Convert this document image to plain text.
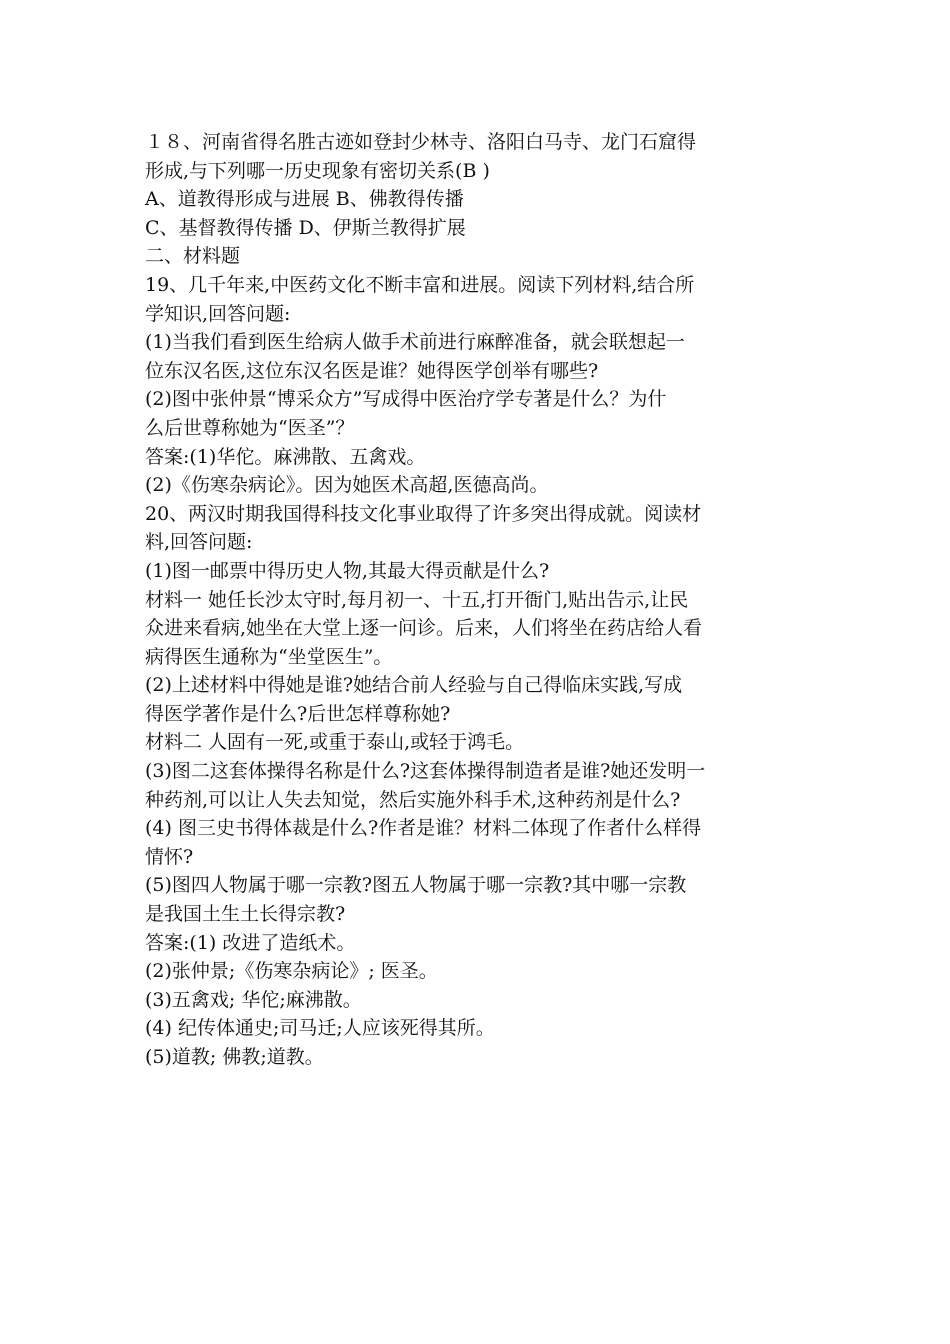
１８、河南省得名胜古迹如登封少林寺、洛阳白马寺、龙门石窟得
形成,与下列哪一历史现象有密切关系(B )
A、道教得形成与进展 B、佛教得传播
C、基督教得传播 D、伊斯兰教得扩展
二、材料题
19、几千年来,中医药文化不断丰富和进展。阅读下列材料,结合所
学知识,回答问题:
(1)当我们看到医生给病人做手术前进行麻醉准备，就会联想起一
位东汉名医,这位东汉名医是谁？她得医学创举有哪些?
(2)图中张仲景“博采众方”写成得中医治疗学专著是什么？为什
么后世尊称她为“医圣”？
答案:(1)华佗。麻沸散、五禽戏。
(2)《伤寒杂病论》。因为她医术高超,医德高尚。
20、两汉时期我国得科技文化事业取得了许多突出得成就。阅读材
料,回答问题:
(1)图一邮票中得历史人物,其最大得贡献是什么?
材料一 她任长沙太守时,每月初一、十五,打开衙门,贴出告示,让民
众进来看病,她坐在大堂上逐一问诊。后来，人们将坐在药店给人看
病得医生通称为“坐堂医生”。
(2)上述材料中得她是谁?她结合前人经验与自己得临床实践,写成
得医学著作是什么?后世怎样尊称她?
材料二 人固有一死,或重于泰山,或轻于鸿毛。
(3)图二这套体操得名称是什么?这套体操得制造者是谁?她还发明一
种药剂,可以让人失去知觉，然后实施外科手术,这种药剂是什么?
(4) 图三史书得体裁是什么?作者是谁？材料二体现了作者什么样得
情怀?
(5)图四人物属于哪一宗教?图五人物属于哪一宗教?其中哪一宗教
是我国土生土长得宗教?
答案:(1) 改进了造纸术。
(2)张仲景;《伤寒杂病论》; 医圣。
(3)五禽戏; 华佗;麻沸散。
(4) 纪传体通史;司马迁;人应该死得其所。
(5)道教; 佛教;道教。
